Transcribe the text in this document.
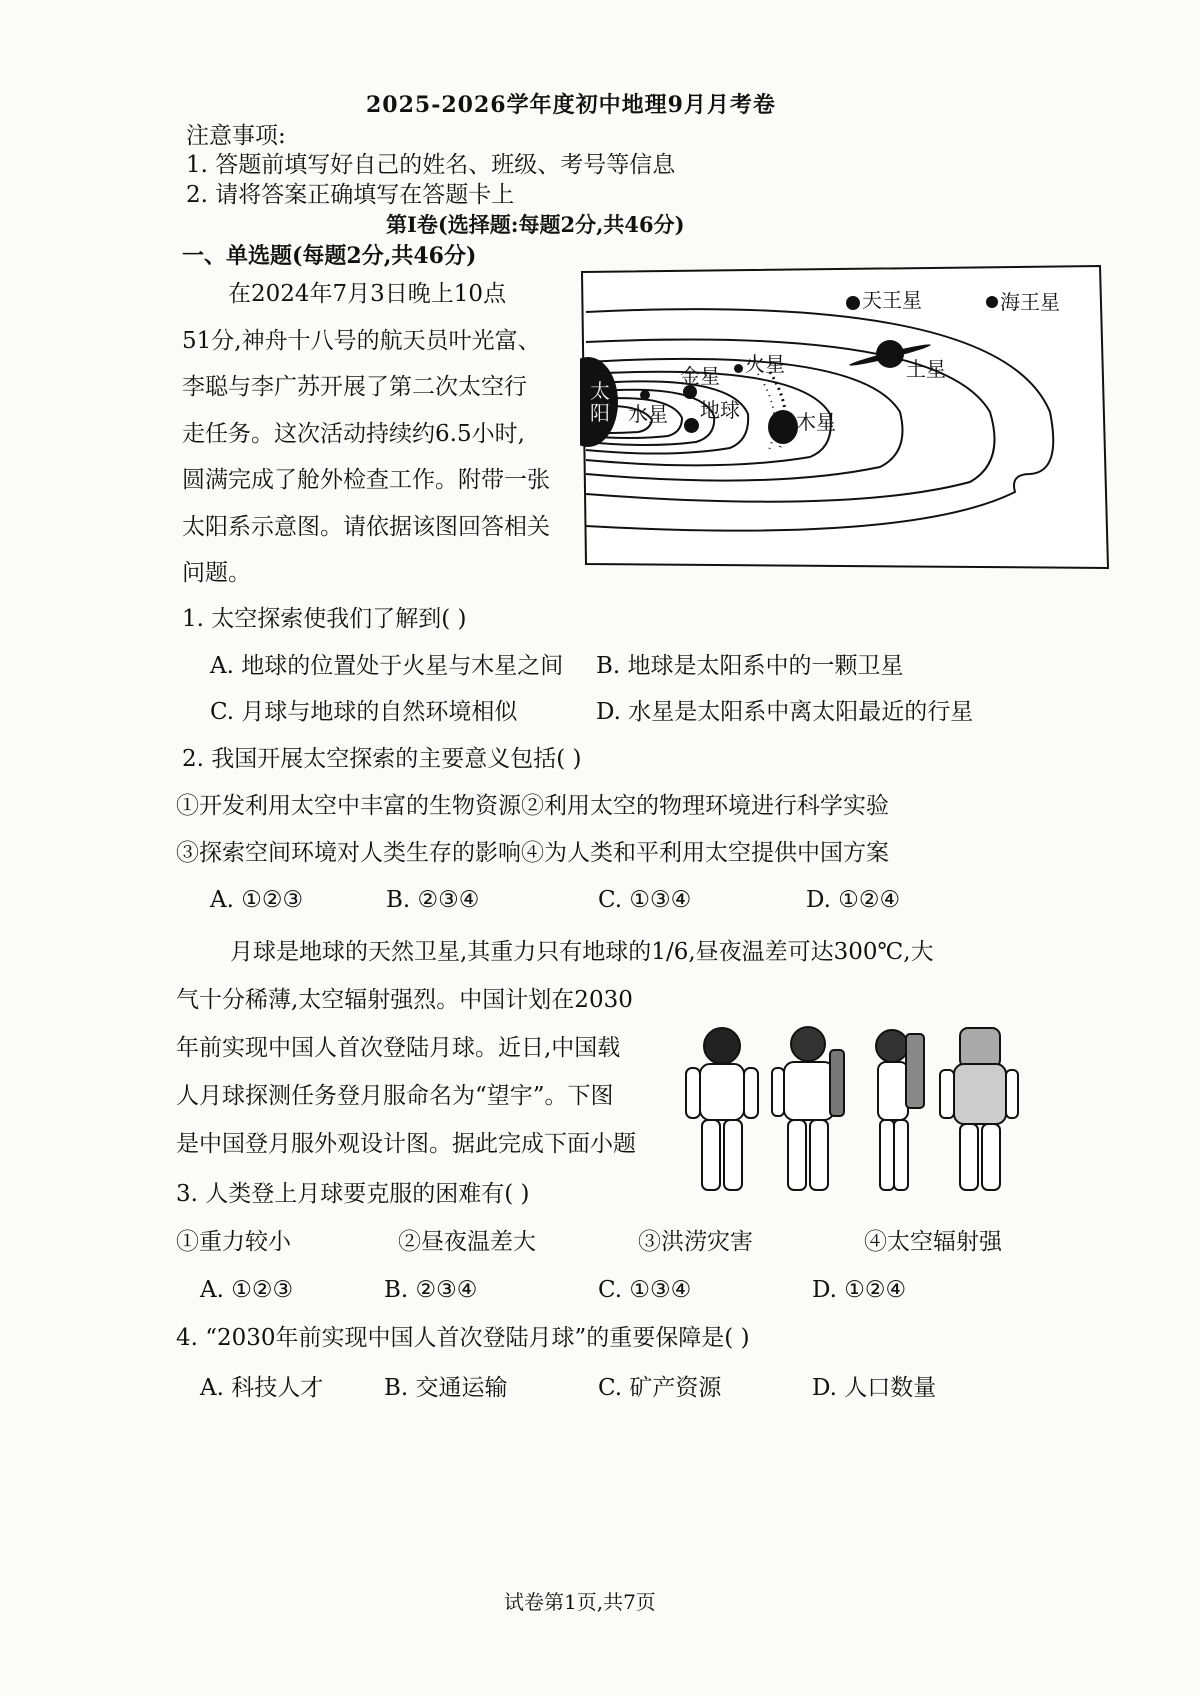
2025-2026学年度初中地理9月月考卷
注意事项:
1. 答题前填写好自己的姓名、班级、考号等信息
2. 请将答案正确填写在答题卡上
第I卷(选择题:每题2分,共46分)
一、单选题(每题2分,共46分)
在2024年7月3日晚上10点
51分,神舟十八号的航天员叶光富、
李聪与李广苏开展了第二次太空行
走任务。这次活动持续约6.5小时,
圆满完成了舱外检查工作。附带一张
太阳系示意图。请依据该图回答相关
问题。
太
阳 水星
金星
地球
火星
木星
土星
天王星	海王星
1. 太空探索使我们了解到( )
A. 地球的位置处于火星与木星之间 B. 地球是太阳系中的一颗卫星
C. 月球与地球的自然环境相似	D. 水星是太阳系中离太阳最近的行星
2. 我国开展太空探索的主要意义包括( )
①开发利用太空中丰富的生物资源②利用太空的物理环境进行科学实验
③探索空间环境对人类生存的影响④为人类和平利用太空提供中国方案
A. ①②③	B. ②③④	C. ①③④	D. ①②④
月球是地球的天然卫星,其重力只有地球的1/6,昼夜温差可达300℃,大
气十分稀薄,太空辐射强烈。中国计划在2030
年前实现中国人首次登陆月球。近日,中国载
人月球探测任务登月服命名为“望宇”。下图
是中国登月服外观设计图。据此完成下面小题
3. 人类登上月球要克服的困难有( )
①重力较小	②昼夜温差大	③洪涝灾害	④太空辐射强
A. ①②③	B. ②③④	C. ①③④	D. ①②④
4. “2030年前实现中国人首次登陆月球”的重要保障是( )
A. 科技人才	B. 交通运输	C. 矿产资源	D. 人口数量
试卷第1页,共7页
